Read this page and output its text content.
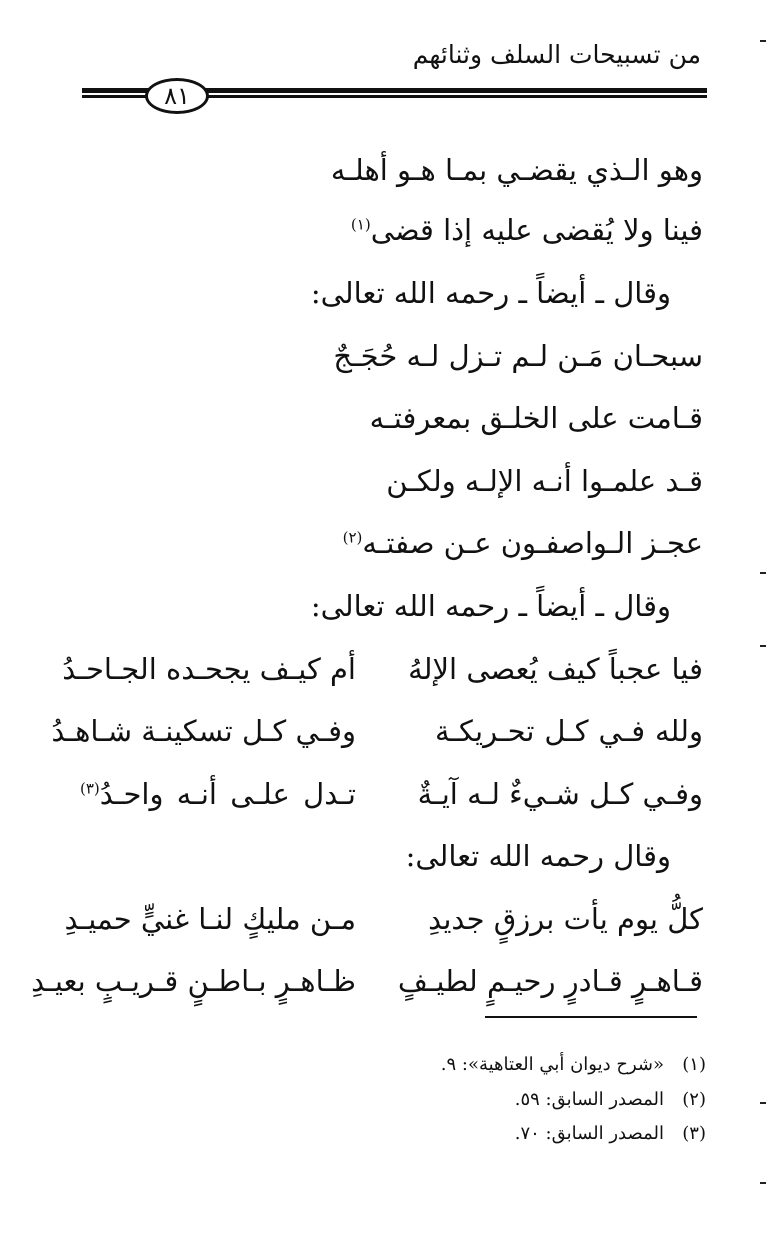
من تسبيحات السلف وثنائهم
٨١
وهو الـذي يقضـي بمـا هـو أهلـه
فينا ولا يُقضى عليه إذا قضى$^{(١)}$
وقال ـ أيضاً ـ رحمه الله تعالى:
سبحـان مَـن لـم تـزل لـه حُجَـجٌ
قـامت على الخلـق بمعرفتـه
قـد علمـوا أنـه الإلـه ولكـن
عجـز الـواصفـون عـن صفتـه$^{(٢)}$
وقال ـ أيضاً ـ رحمه الله تعالى:
فيا عجباً كيف يُعصى الإلهُ
أم كيـف يجحـده الجـاحـدُ
ولله فـي كـل تحـريكـة
وفـي كـل تسكينـة شـاهـدُ
وفـي كـل شـيءٌ لـه آيـةٌ
تـدل علـى أنـه واحـدُ$^{(٣)}$
وقال رحمه الله تعالى:
كلُّ يوم يأت برزقٍ جديدِ
مـن مليكٍ لنـا غنيٍّ حميـدِ
قـاهـرٍ قـادرٍ رحيـمٍ لطيـفٍ
ظـاهـرٍ بـاطـنٍ قـريـبٍ بعيـدِ
(١)«شرح ديوان أبي العتاهية»: ٩.
(٢)المصدر السابق: ٥٩.
(٣)المصدر السابق: ٧٠.
